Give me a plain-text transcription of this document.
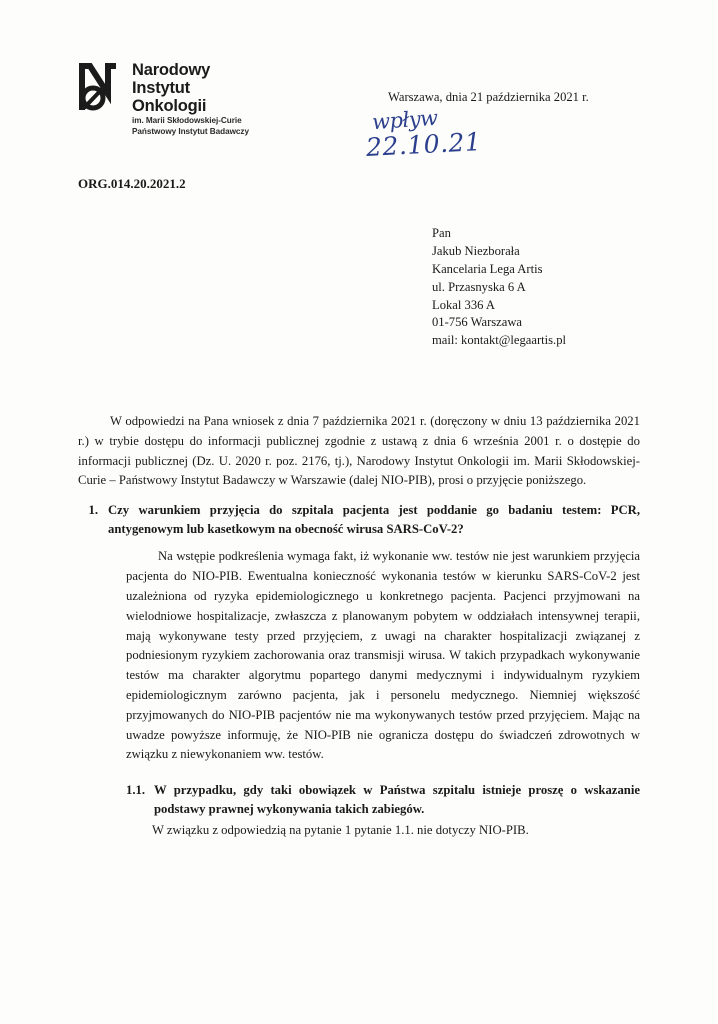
Narodowy
Instytut
Onkologii
im. Marii Skłodowskiej-Curie
Państwowy Instytut Badawczy
Warszawa, dnia 21 października 2021 r.
wpływ
22.10.21
ORG.014.20.2021.2
Pan
Jakub Niezborała
Kancelaria Lega Artis
ul. Przasnyska 6 A
Lokal 336 A
01-756 Warszawa
mail: kontakt@legaartis.pl

W odpowiedzi na Pana wniosek z dnia 7 października 2021 r. (doręczony w dniu 13 października 2021 r.) w trybie dostępu do informacji publicznej zgodnie z ustawą z dnia 6 września 2001 r. o dostępie do informacji publicznej (Dz. U. 2020 r. poz. 2176, tj.), Narodowy Instytut Onkologii im. Marii Skłodowskiej-Curie – Państwowy Instytut Badawczy w Warszawie (dalej NIO-PIB), prosi o przyjęcie poniższego.

1. Czy warunkiem przyjęcia do szpitala pacjenta jest poddanie go badaniu testem: PCR, antygenowym lub kasetkowym na obecność wirusa SARS-CoV-2?

Na wstępie podkreślenia wymaga fakt, iż wykonanie ww. testów nie jest warunkiem przyjęcia pacjenta do NIO-PIB. Ewentualna konieczność wykonania testów w kierunku SARS-CoV-2 jest uzależniona od ryzyka epidemiologicznego u konkretnego pacjenta. Pacjenci przyjmowani na wielodniowe hospitalizacje, zwłaszcza z planowanym pobytem w oddziałach intensywnej terapii, mają wykonywane testy przed przyjęciem, z uwagi na charakter hospitalizacji związanej z podniesionym ryzykiem zachorowania oraz transmisji wirusa. W takich przypadkach wykonywanie testów ma charakter algorytmu popartego danymi medycznymi i indywidualnym ryzykiem epidemiologicznym zarówno pacjenta, jak i personelu medycznego. Niemniej większość przyjmowanych do NIO-PIB pacjentów nie ma wykonywanych testów przed przyjęciem. Mając na uwadze powyższe informuję, że NIO-PIB nie ogranicza dostępu do świadczeń zdrowotnych w związku z niewykonaniem ww. testów.

1.1. W przypadku, gdy taki obowiązek w Państwa szpitalu istnieje proszę o wskazanie podstawy prawnej wykonywania takich zabiegów.

W związku z odpowiedzią na pytanie 1 pytanie 1.1. nie dotyczy NIO-PIB.
